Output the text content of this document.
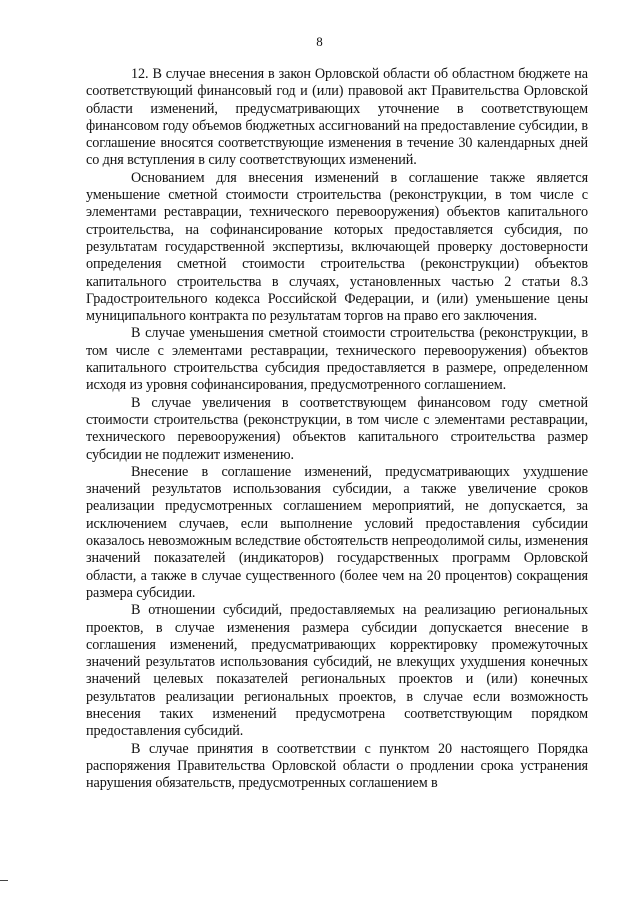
8

12. В случае внесения в закон Орловской области об областном бюджете на соответствующий финансовый год и (или) правовой акт Правительства Орловской области изменений, предусматривающих уточнение в соответствующем финансовом году объемов бюджетных ассигнований на предоставление субсидии, в соглашение вносятся соответствующие изменения в течение 30 календарных дней со дня вступления в силу соответствующих изменений.

Основанием для внесения изменений в соглашение также является уменьшение сметной стоимости строительства (реконструкции, в том числе с элементами реставрации, технического перевооружения) объектов капитального строительства, на софинансирование которых предоставляется субсидия, по результатам государственной экспертизы, включающей проверку достоверности определения сметной стоимости строительства (реконструкции) объектов капитального строительства в случаях, установленных частью 2 статьи 8.3 Градостроительного кодекса Российской Федерации, и (или) уменьшение цены муниципального контракта по результатам торгов на право его заключения.

В случае уменьшения сметной стоимости строительства (реконструкции, в том числе с элементами реставрации, технического перевооружения) объектов капитального строительства субсидия предоставляется в размере, определенном исходя из уровня софинансирования, предусмотренного соглашением.

В случае увеличения в соответствующем финансовом году сметной стоимости строительства (реконструкции, в том числе с элементами реставрации, технического перевооружения) объектов капитального строительства размер субсидии не подлежит изменению.

Внесение в соглашение изменений, предусматривающих ухудшение значений результатов использования субсидии, а также увеличение сроков реализации предусмотренных соглашением мероприятий, не допускается, за исключением случаев, если выполнение условий предоставления субсидии оказалось невозможным вследствие обстоятельств непреодолимой силы, изменения значений показателей (индикаторов) государственных программ Орловской области, а также в случае существенного (более чем на 20 процентов) сокращения размера субсидии.

В отношении субсидий, предоставляемых на реализацию региональных проектов, в случае изменения размера субсидии допускается внесение в соглашения изменений, предусматривающих корректировку промежуточных значений результатов использования субсидий, не влекущих ухудшения конечных значений целевых показателей региональных проектов и (или) конечных результатов реализации региональных проектов, в случае если возможность внесения таких изменений предусмотрена соответствующим порядком предоставления субсидий.

В случае принятия в соответствии с пунктом 20 настоящего Порядка распоряжения Правительства Орловской области о продлении срока устранения нарушения обязательств, предусмотренных соглашением в
